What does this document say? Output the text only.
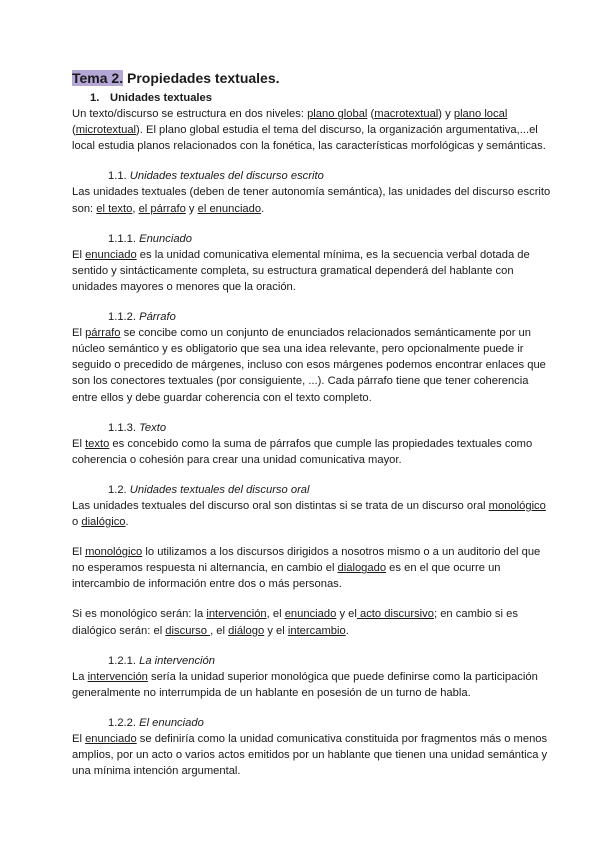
Tema 2. Propiedades textuales.

1. Unidades textuales

Un texto/discurso se estructura en dos niveles: plano global (macrotextual) y plano local (microtextual). El plano global estudia el tema del discurso, la organización argumentativa,...el local estudia planos relacionados con la fonética, las características morfológicas y semánticas.

1.1. Unidades textuales del discurso escrito

Las unidades textuales (deben de tener autonomía semántica), las unidades del discurso escrito son: el texto, el párrafo y el enunciado.

1.1.1. Enunciado

El enunciado es la unidad comunicativa elemental mínima, es la secuencia verbal dotada de sentido y sintácticamente completa, su estructura gramatical dependerá del hablante con unidades mayores o menores que la oración.

1.1.2. Párrafo

El párrafo se concibe como un conjunto de enunciados relacionados semánticamente por un núcleo semántico y es obligatorio que sea una idea relevante, pero opcionalmente puede ir seguido o precedido de márgenes, incluso con esos márgenes podemos encontrar enlaces que son los conectores textuales (por consiguiente, ...). Cada párrafo tiene que tener coherencia entre ellos y debe guardar coherencia con el texto completo.

1.1.3. Texto

El texto es concebido como la suma de párrafos que cumple las propiedades textuales como coherencia o cohesión para crear una unidad comunicativa mayor.

1.2. Unidades textuales del discurso oral

Las unidades textuales del discurso oral son distintas si se trata de un discurso oral monológico o dialógico.

El monológico lo utilizamos a los discursos dirigidos a nosotros mismo o a un auditorio del que no esperamos respuesta ni alternancia, en cambio el dialogado es en el que ocurre un intercambio de información entre dos o más personas.

Si es monológico serán: la intervención, el enunciado y el acto discursivo; en cambio si es dialógico serán: el discurso , el diálogo y el intercambio.

1.2.1. La intervención

La intervención sería la unidad superior monológica que puede definirse como la participación generalmente no interrumpida de un hablante en posesión de un turno de habla.

1.2.2. El enunciado

El enunciado se definiría como la unidad comunicativa constituida por fragmentos más o menos amplios, por un acto o varios actos emitidos por un hablante que tienen una unidad semántica y una mínima intención argumental.
